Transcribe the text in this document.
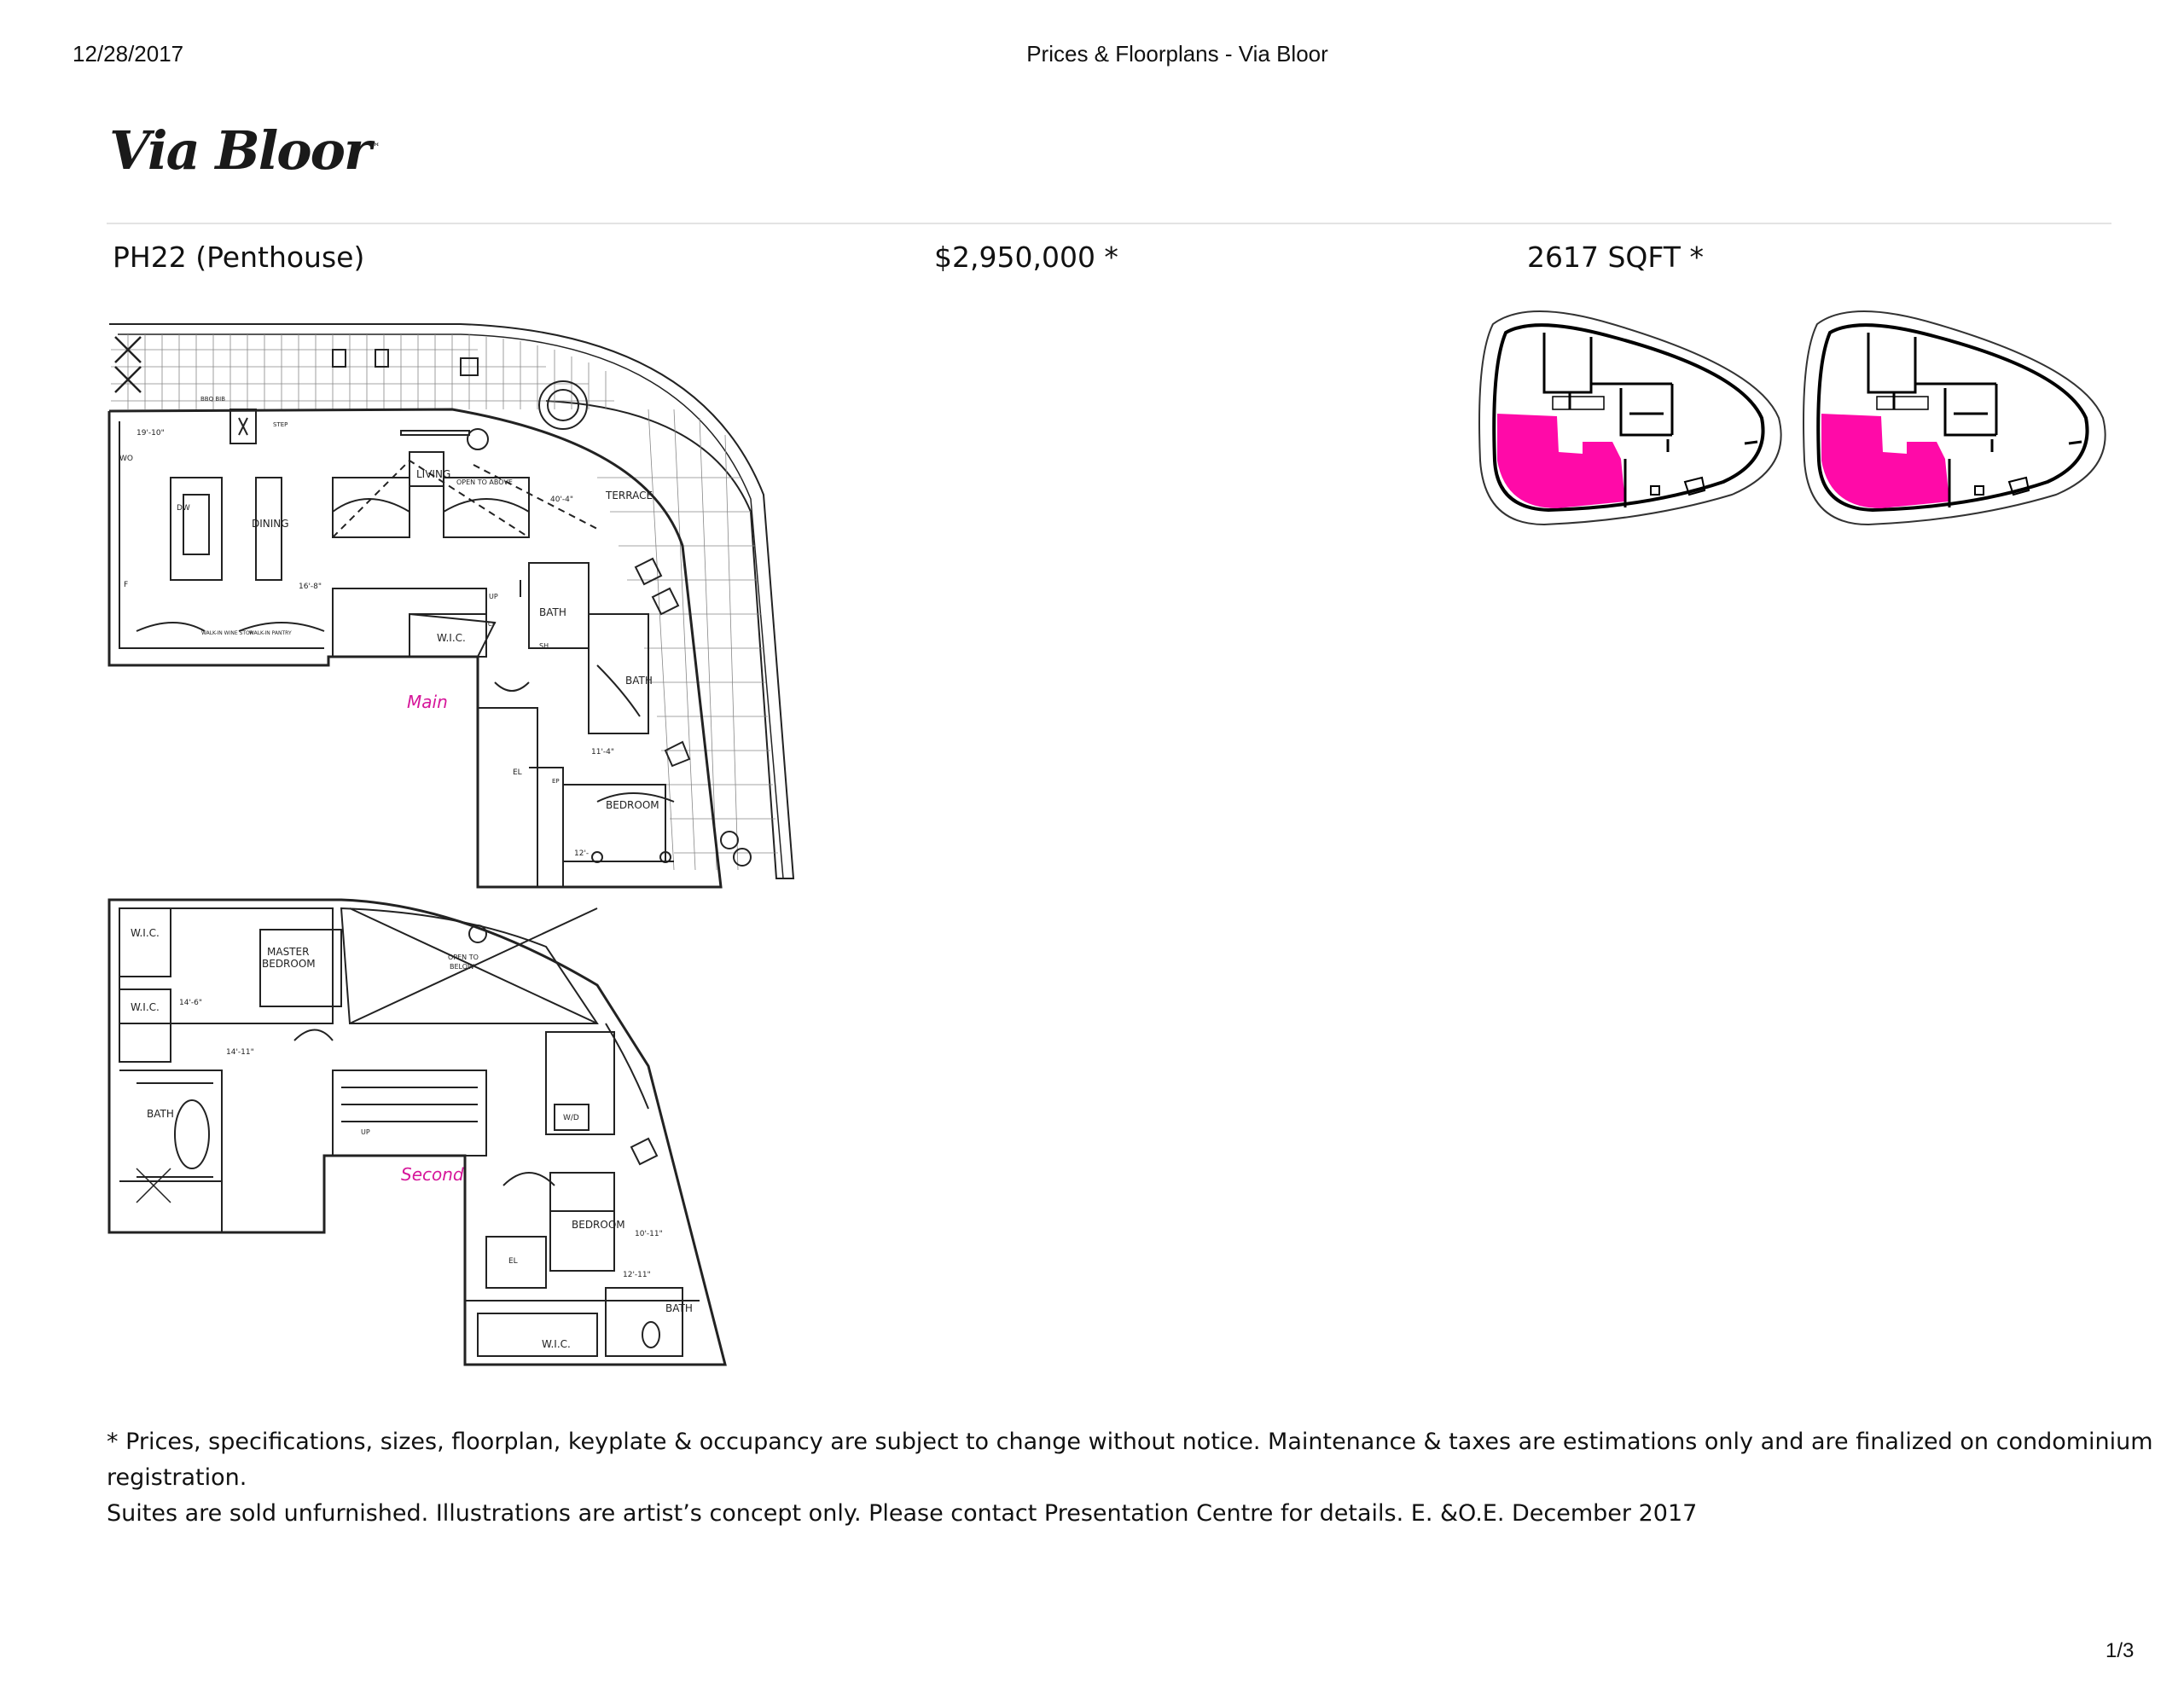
12/28/2017	Prices & Floorplans - Via Bloor
Via Bloor™
PH22 (Penthouse)	$2,950,000 *	2617 SQFT *
LIVING
OPEN TO ABOVE
DINING
TERRACE
BBQ BIB
STEP
DW
WO
F
W.I.C.
BATH
BATH
BEDROOM
EL
UP
WALK-IN WINE STOR
WALK-IN PANTRY
SH
CP
EP
19'-10"
40'-4"
16'-8"
11'-4"
12'-
W.I.C.
W.I.C.
MASTER
BEDROOM
OPEN TO
BELOW
BATH	W/D
BEDROOM
EL
W.I.C.
BATH
UP
14'-6"
14'-11"
10'-11"
12'-11"
Main
Second
* Prices, specifications, sizes, floorplan, keyplate & occupancy are subject to change without notice. Maintenance & taxes are estimations only and are finalized on condominium registration.
Suites are sold unfurnished. Illustrations are artist’s concept only. Please contact Presentation Centre for details. E. &O.E. December 2017
1/3
